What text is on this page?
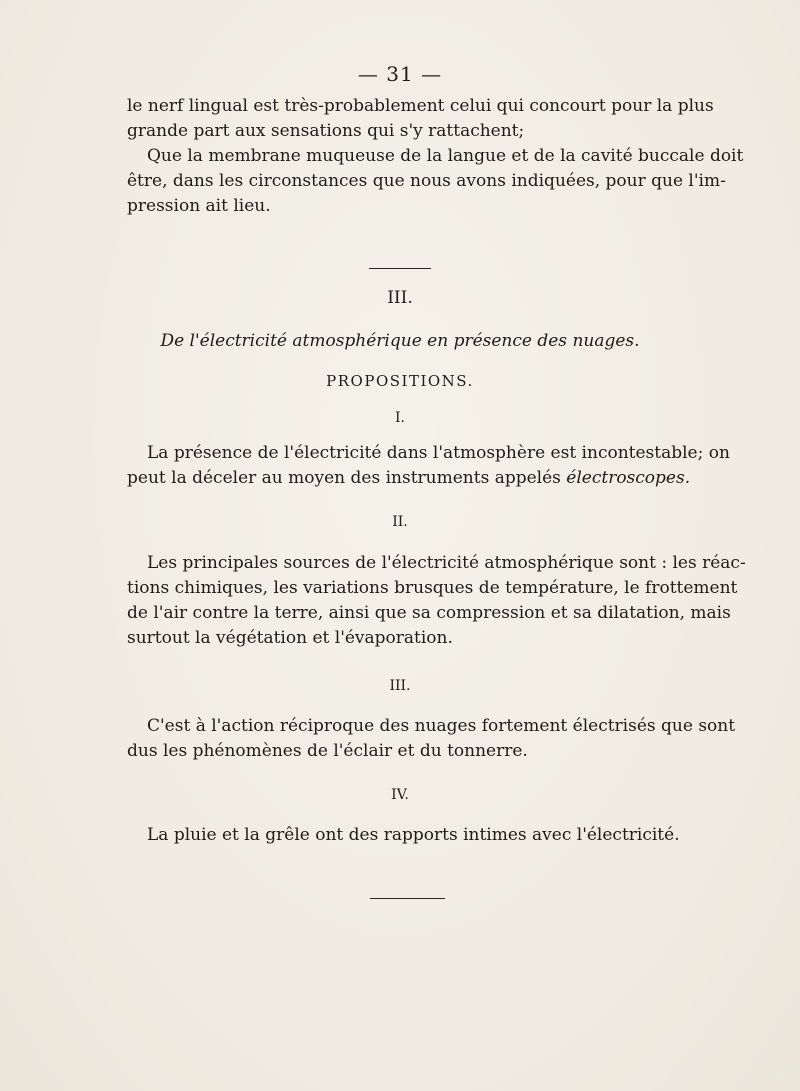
— 31 —

le nerf lingual est très-probablement celui qui concourt pour la plus
grande part aux sensations qui s'y rattachent;
Que la membrane muqueuse de la langue et de la cavité buccale doit
être, dans les circonstances que nous avons indiquées, pour que l'im-
pression ait lieu.

III.
De l'électricité atmosphérique en présence des nuages.
PROPOSITIONS.
I.

La présence de l'électricité dans l'atmosphère est incontestable; on
peut la déceler au moyen des instruments appelés électroscopes.

II.

Les principales sources de l'électricité atmosphérique sont : les réac-
tions chimiques, les variations brusques de température, le frottement
de l'air contre la terre, ainsi que sa compression et sa dilatation, mais
surtout la végétation et l'évaporation.

III.

C'est à l'action réciproque des nuages fortement électrisés que sont
dus les phénomènes de l'éclair et du tonnerre.

IV.

La pluie et la grêle ont des rapports intimes avec l'électricité.
